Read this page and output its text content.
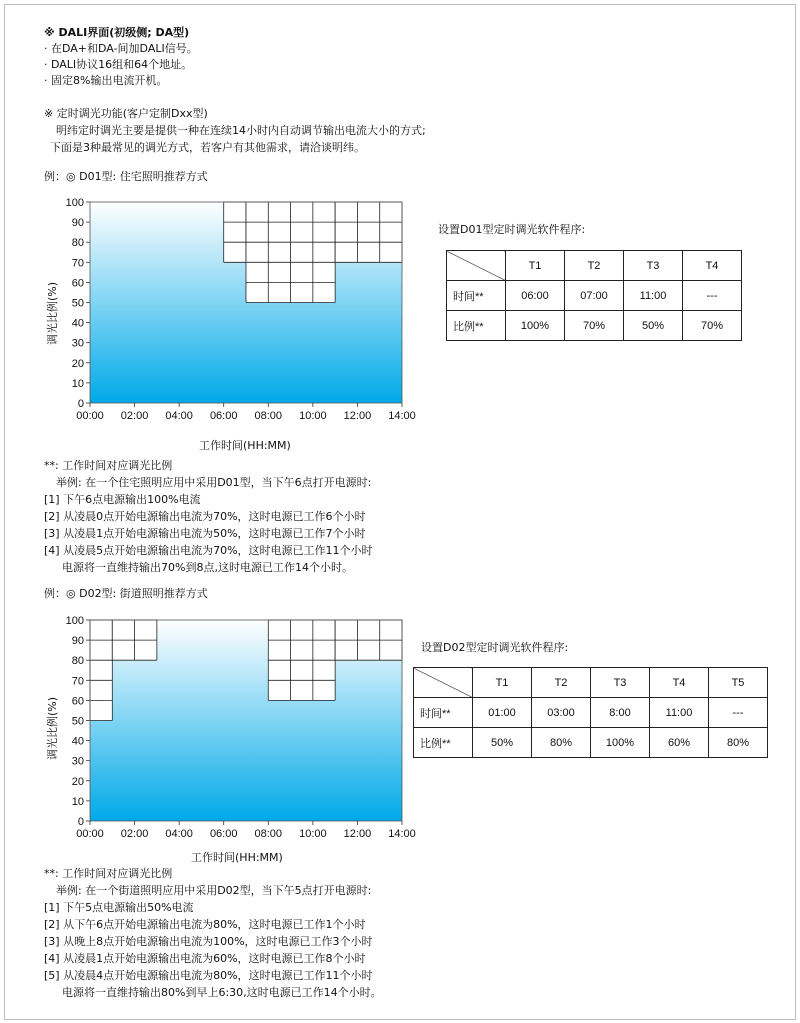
※ DALI界面(初级侧; DA型)
· 在DA+和DA-间加DALI信号。
· DALI协议16组和64个地址。
· 固定8%输出电流开机。
※ 定时调光功能(客户定制Dxx型)
明纬定时调光主要是提供一种在连续14小时内自动调节输出电流大小的方式;
下面是3种最常见的调光方式，若客户有其他需求，请洽谈明纬。
例：◎ D01型: 住宅照明推荐方式
0
10
20
30
40
50
60
70
80
90
100
00:00 02:00 04:00 06:00 08:00 10:00 12:00 14:00
调光比例(%)
工作时间(HH:MM)
设置D01型定时调光软件程序:
	T1	T2	T3	T4
时间**	06:00	07:00	11:00	---
比例**	100%	70%	50%	70%
**: 工作时间对应调光比例
举例: 在一个住宅照明应用中采用D01型，当下午6点打开电源时:
[1] 下午6点电源输出100%电流
[2] 从凌晨0点开始电源输出电流为70%，这时电源已工作6个小时
[3] 从凌晨1点开始电源输出电流为50%，这时电源已工作7个小时
[4] 从凌晨5点开始电源输出电流为70%，这时电源已工作11个小时
电源将一直维持输出70%到8点,这时电源已工作14个小时。
例：◎ D02型: 街道照明推荐方式
0
10
20
30
40
50
60
70
80
90
100
00:00 02:00 04:00 06:00 08:00 10:00 12:00 14:00
调光比例(%)
工作时间(HH:MM)
设置D02型定时调光软件程序:
	T1	T2	T3	T4	T5
时间**	01:00	03:00	8:00	11:00	---
比例**	50%	80%	100%	60%	80%
**: 工作时间对应调光比例
举例: 在一个街道照明应用中采用D02型，当下午5点打开电源时:
[1] 下午5点电源输出50%电流
[2] 从下午6点开始电源输出电流为80%，这时电源已工作1个小时
[3] 从晚上8点开始电源输出电流为100%，这时电源已工作3个小时
[4] 从凌晨1点开始电源输出电流为60%，这时电源已工作8个小时
[5] 从凌晨4点开始电源输出电流为80%，这时电源已工作11个小时
电源将一直维持输出80%到早上6:30,这时电源已工作14个小时。
